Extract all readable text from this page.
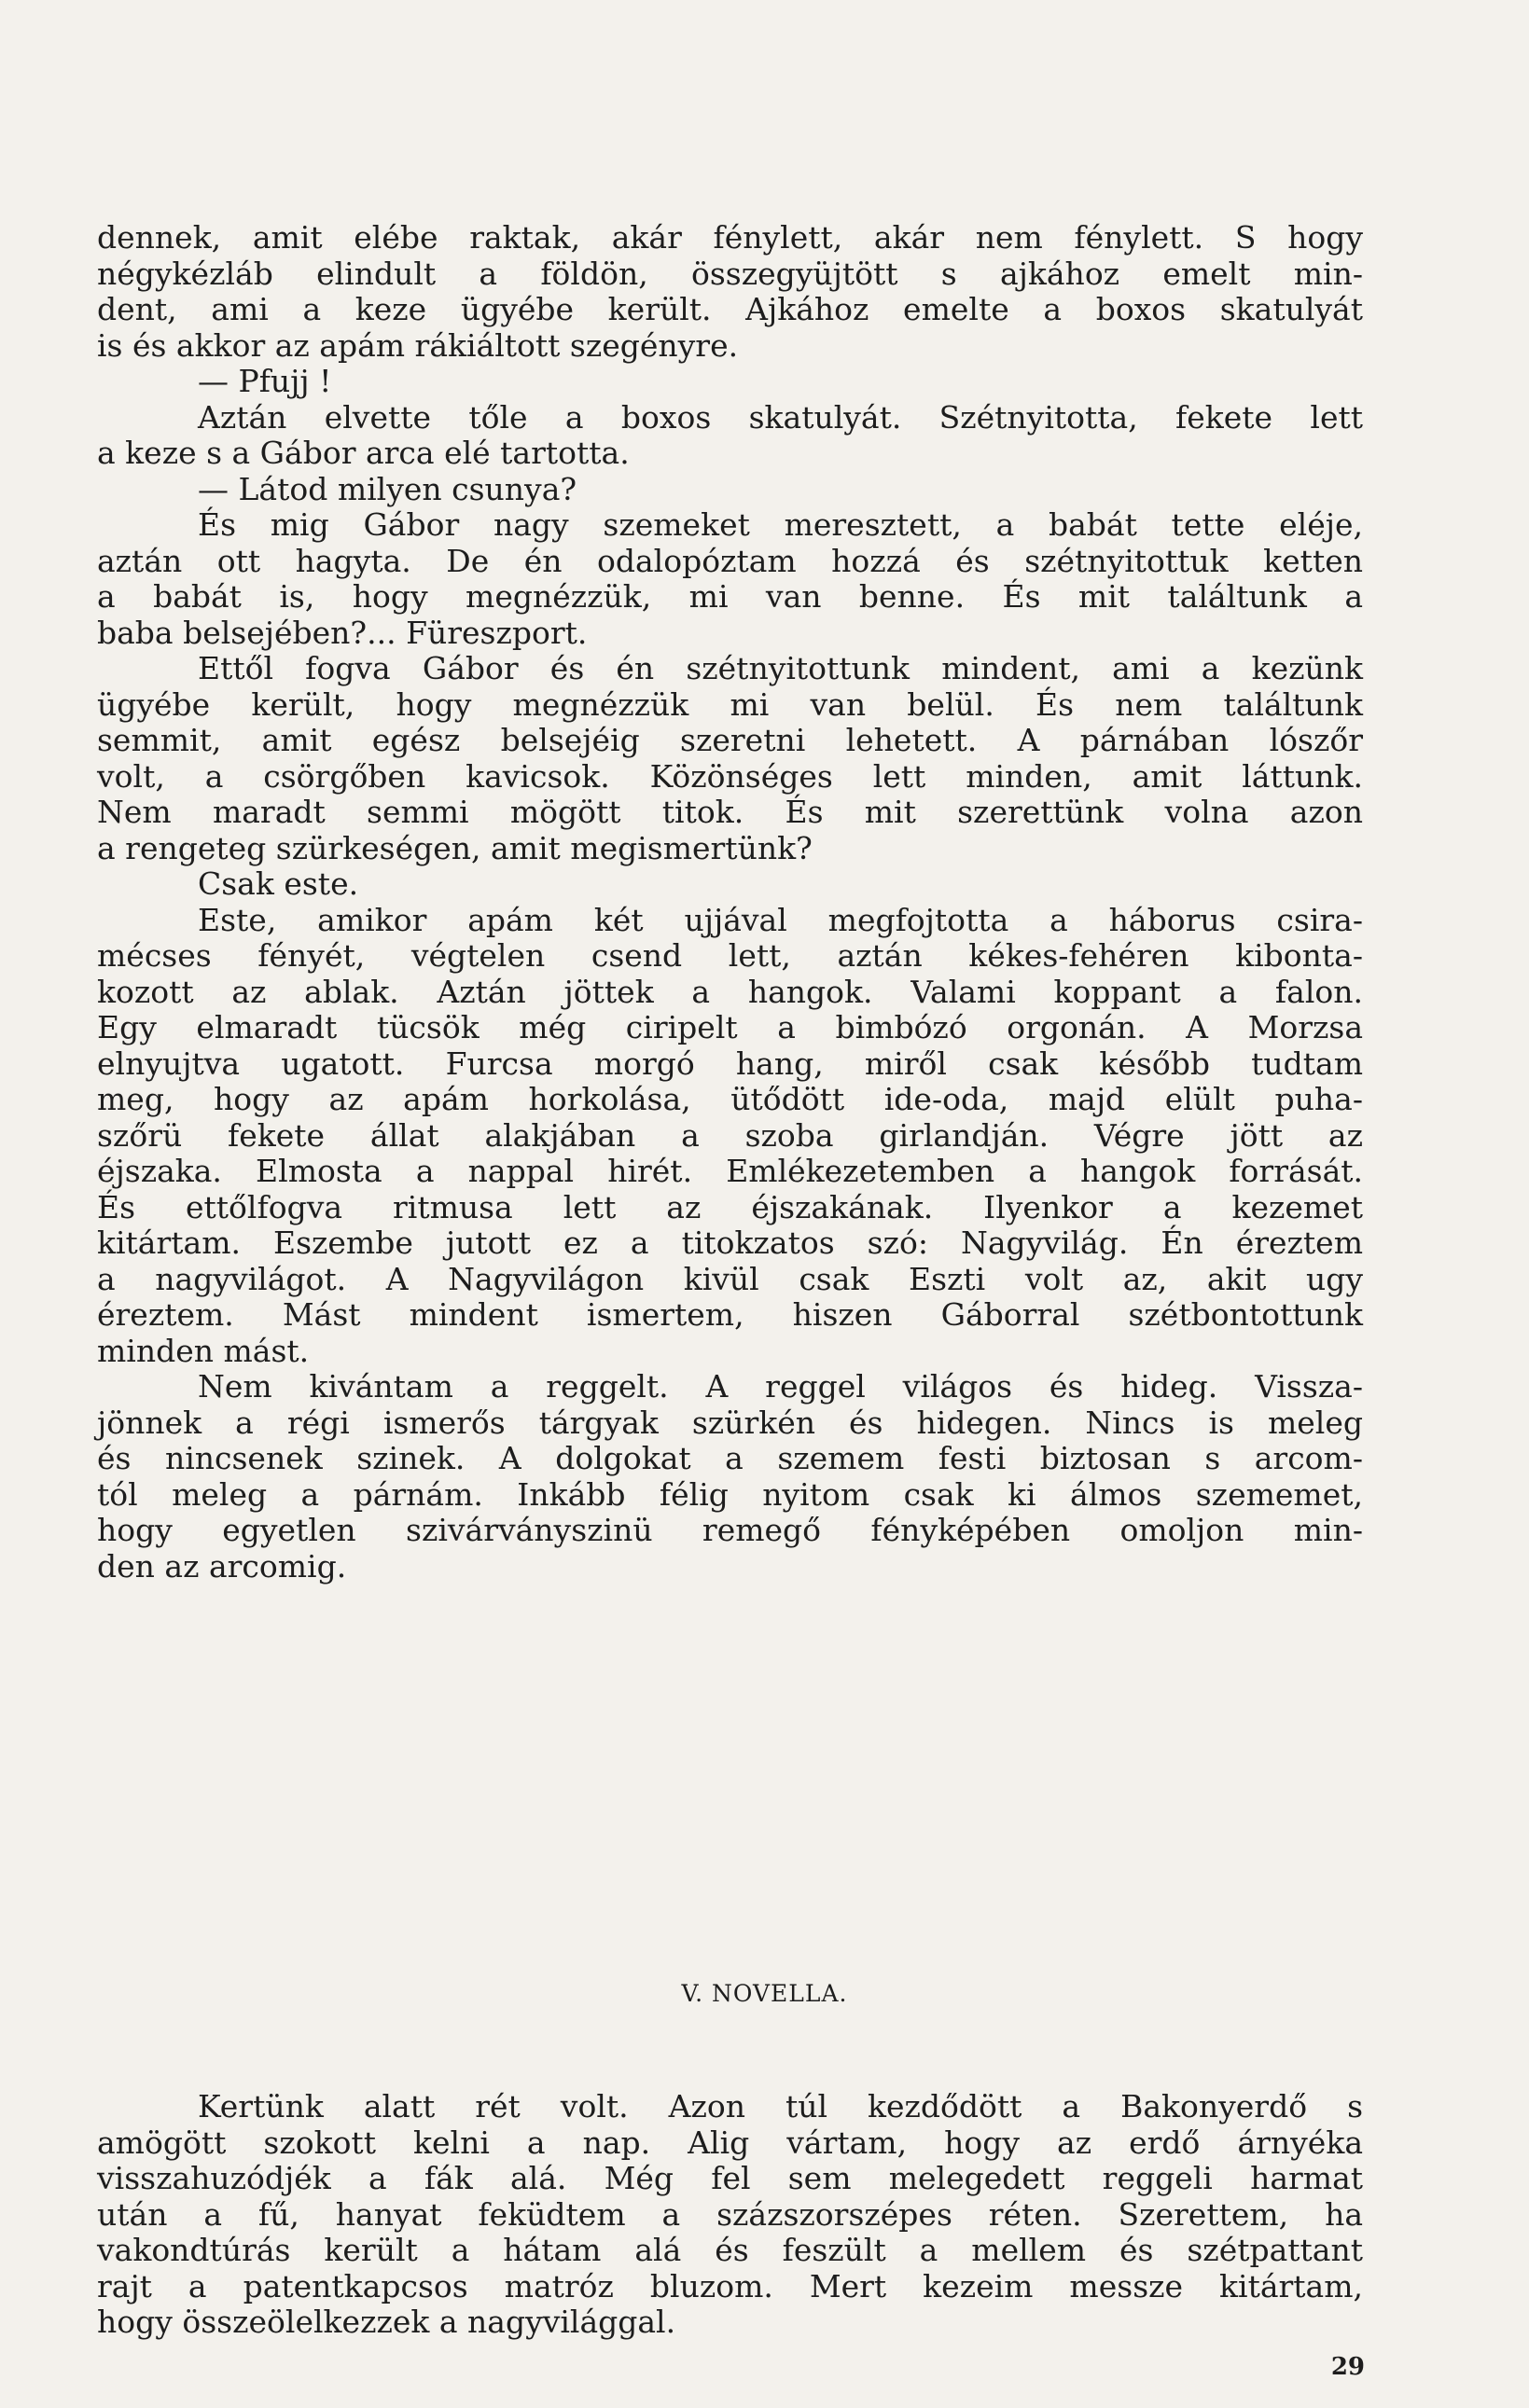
dennek, amit elébe raktak, akár fénylett, akár nem fénylett. S hogy
négykézláb elindult a földön, összegyüjtött s ajkához emelt min-
dent, ami a keze ügyébe került. Ajkához emelte a boxos skatulyát
is és akkor az apám rákiáltott szegényre.
— Pfujj !
Aztán elvette tőle a boxos skatulyát. Szétnyitotta, fekete lett
a keze s a Gábor arca elé tartotta.
— Látod milyen csunya?
És mig Gábor nagy szemeket meresztett, a babát tette eléje,
aztán ott hagyta. De én odalopóztam hozzá és szétnyitottuk ketten
a babát is, hogy megnézzük, mi van benne. És mit találtunk a
baba belsejében?... Füreszport.
Ettől fogva Gábor és én szétnyitottunk mindent, ami a kezünk
ügyébe került, hogy megnézzük mi van belül. És nem találtunk
semmit, amit egész belsejéig szeretni lehetett. A párnában lószőr
volt, a csörgőben kavicsok. Közönséges lett minden, amit láttunk.
Nem maradt semmi mögött titok. És mit szerettünk volna azon
a rengeteg szürkeségen, amit megismertünk?
Csak este.
Este, amikor apám két ujjával megfojtotta a háborus csira-
mécses fényét, végtelen csend lett, aztán kékes-fehéren kibonta-
kozott az ablak. Aztán jöttek a hangok. Valami koppant a falon.
Egy elmaradt tücsök még ciripelt a bimbózó orgonán. A Morzsa
elnyujtva ugatott. Furcsa morgó hang, miről csak később tudtam
meg, hogy az apám horkolása, ütődött ide-oda, majd elült puha-
szőrü fekete állat alakjában a szoba girlandján. Végre jött az
éjszaka. Elmosta a nappal hirét. Emlékezetemben a hangok forrását.
És ettőlfogva ritmusa lett az éjszakának. Ilyenkor a kezemet
kitártam. Eszembe jutott ez a titokzatos szó: Nagyvilág. Én éreztem
a nagyvilágot. A Nagyvilágon kivül csak Eszti volt az, akit ugy
éreztem. Mást mindent ismertem, hiszen Gáborral szétbontottunk
minden mást.
Nem kivántam a reggelt. A reggel világos és hideg. Vissza-
jönnek a régi ismerős tárgyak szürkén és hidegen. Nincs is meleg
és nincsenek szinek. A dolgokat a szemem festi biztosan s arcom-
tól meleg a párnám. Inkább félig nyitom csak ki álmos szememet,
hogy egyetlen szivárványszinü remegő fényképében omoljon min-
den az arcomig.
V. NOVELLA.
Kertünk alatt rét volt. Azon túl kezdődött a Bakonyerdő s
amögött szokott kelni a nap. Alig vártam, hogy az erdő árnyéka
visszahuzódjék a fák alá. Még fel sem melegedett reggeli harmat
után a fű, hanyat feküdtem a százszorszépes réten. Szerettem, ha
vakondtúrás került a hátam alá és feszült a mellem és szétpattant
rajt a patentkapcsos matróz bluzom. Mert kezeim messze kitártam,
hogy összeölelkezzek a nagyvilággal.
29
